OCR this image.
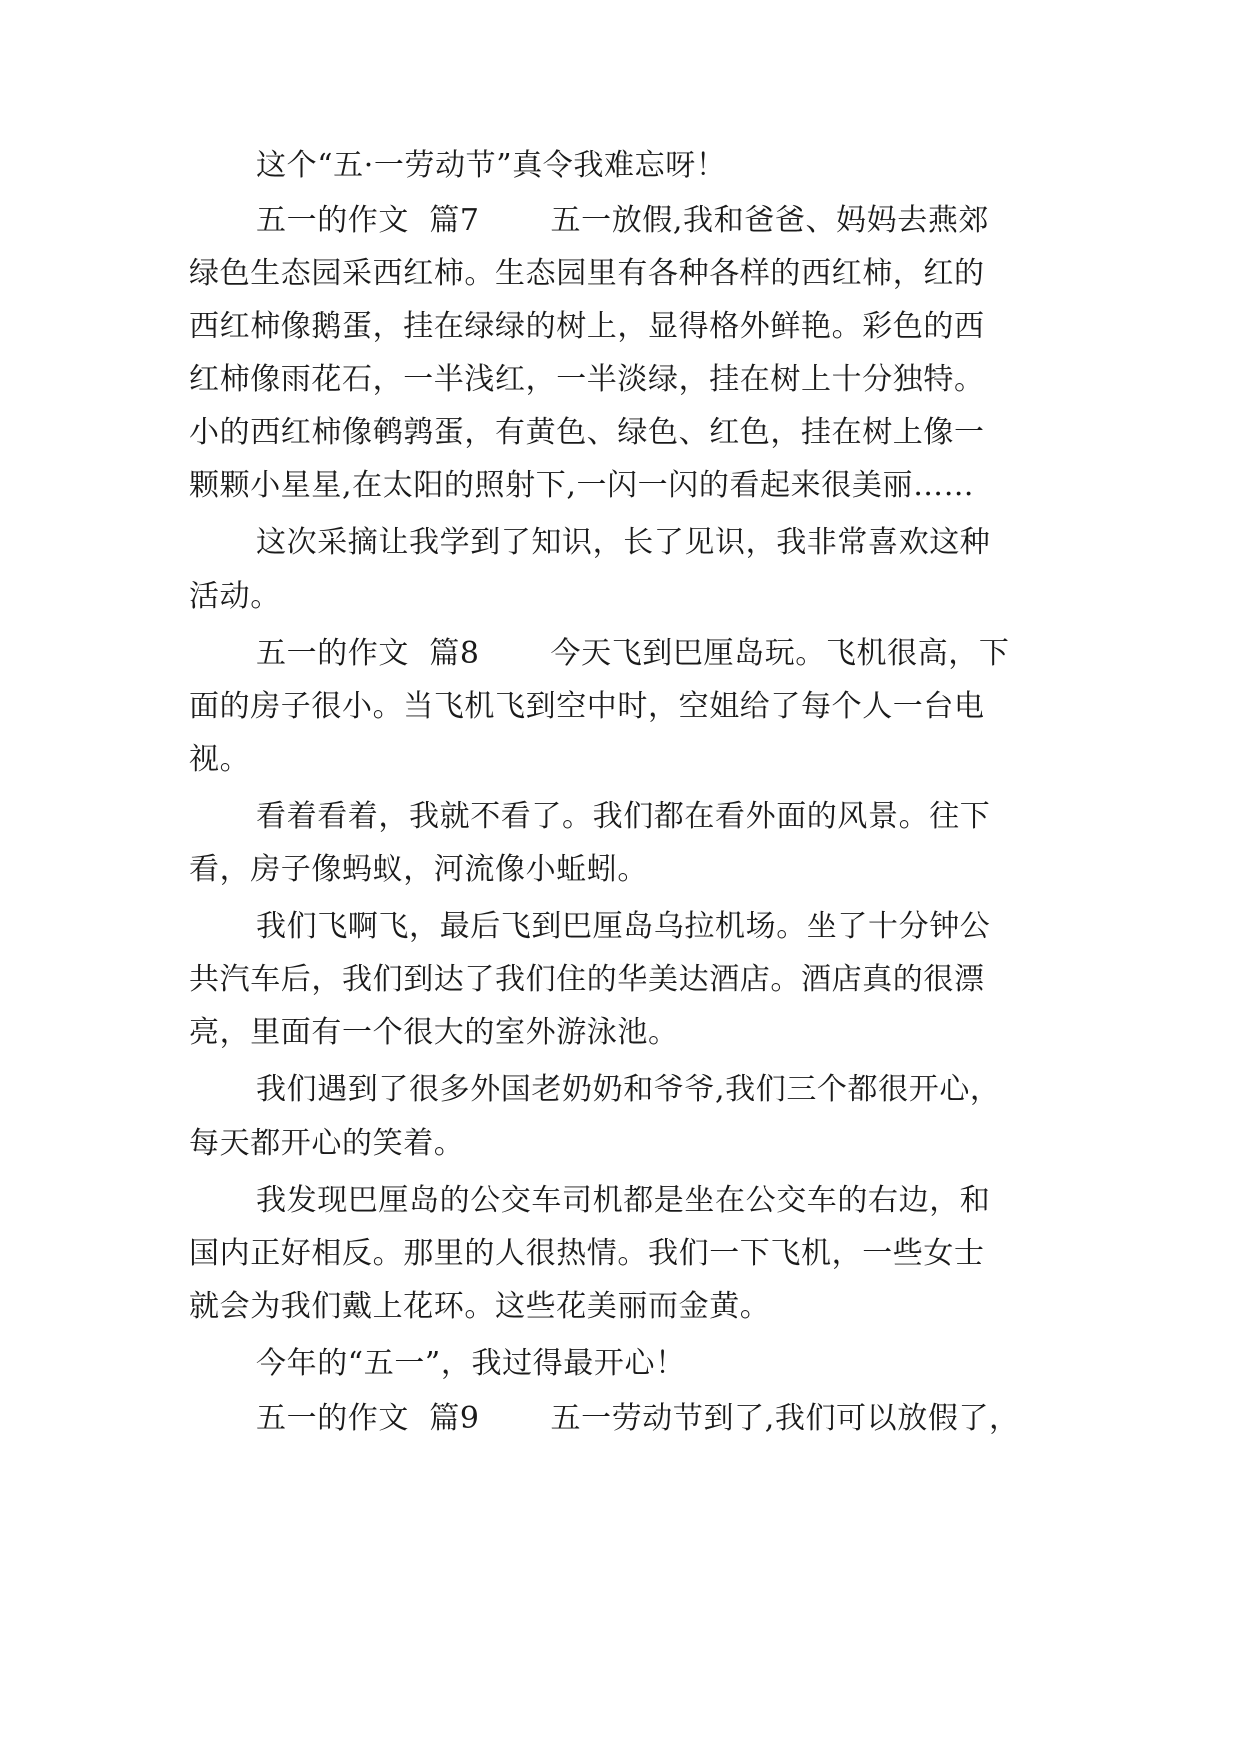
这个“五·一劳动节”真令我难忘呀！

五一的作文  篇7       五一放假,我和爸爸、妈妈去燕郊

绿色生态园采西红柿。生态园里有各种各样的西红柿，红的

西红柿像鹅蛋，挂在绿绿的树上，显得格外鲜艳。彩色的西

红柿像雨花石，一半浅红，一半淡绿，挂在树上十分独特。

小的西红柿像鹌鹑蛋，有黄色、绿色、红色，挂在树上像一

颗颗小星星,在太阳的照射下,一闪一闪的看起来很美丽……

这次采摘让我学到了知识，长了见识，我非常喜欢这种

活动。

五一的作文  篇8       今天飞到巴厘岛玩。飞机很高，下

面的房子很小。当飞机飞到空中时，空姐给了每个人一台电

视。

看着看着，我就不看了。我们都在看外面的风景。往下

看，房子像蚂蚁，河流像小蚯蚓。

我们飞啊飞，最后飞到巴厘岛乌拉机场。坐了十分钟公

共汽车后，我们到达了我们住的华美达酒店。酒店真的很漂

亮，里面有一个很大的室外游泳池。

我们遇到了很多外国老奶奶和爷爷,我们三个都很开心，

每天都开心的笑着。

我发现巴厘岛的公交车司机都是坐在公交车的右边，和

国内正好相反。那里的人很热情。我们一下飞机，一些女士

就会为我们戴上花环。这些花美丽而金黄。

今年的“五一”，我过得最开心！

五一的作文  篇9       五一劳动节到了,我们可以放假了，
